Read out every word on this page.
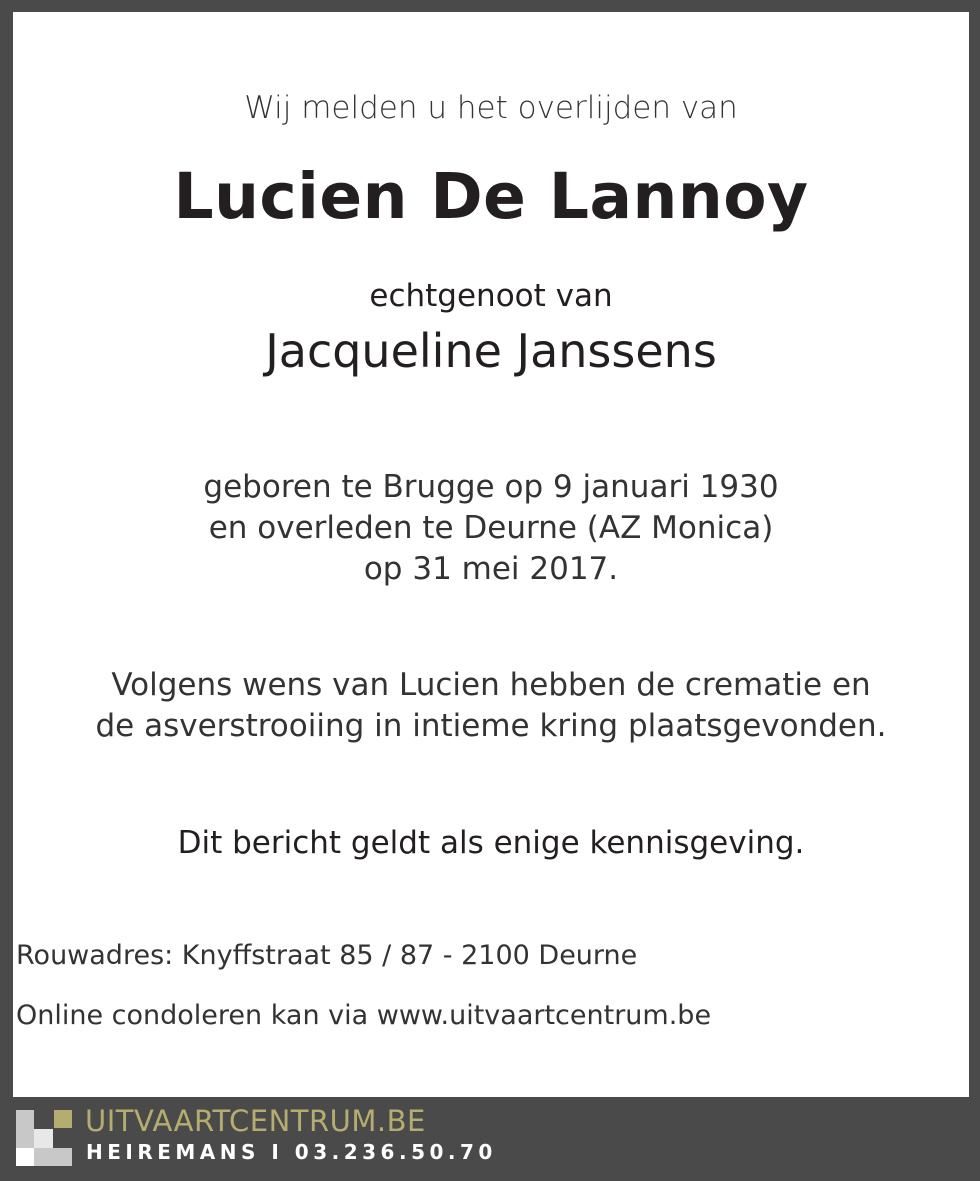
Wij melden u het overlijden van
Lucien De Lannoy
echtgenoot van
Jacqueline Janssens
geboren te Brugge op 9 januari 1930
en overleden te Deurne (AZ Monica)
op 31 mei 2017.
Volgens wens van Lucien hebben de crematie en
de asverstrooiing in intieme kring plaatsgevonden.
Dit bericht geldt als enige kennisgeving.
Rouwadres: Knyffstraat 85 / 87 - 2100 Deurne
Online condoleren kan via www.uitvaartcentrum.be
UITVAARTCENTRUM.BE
HEIREMANS I 03.236.50.70
